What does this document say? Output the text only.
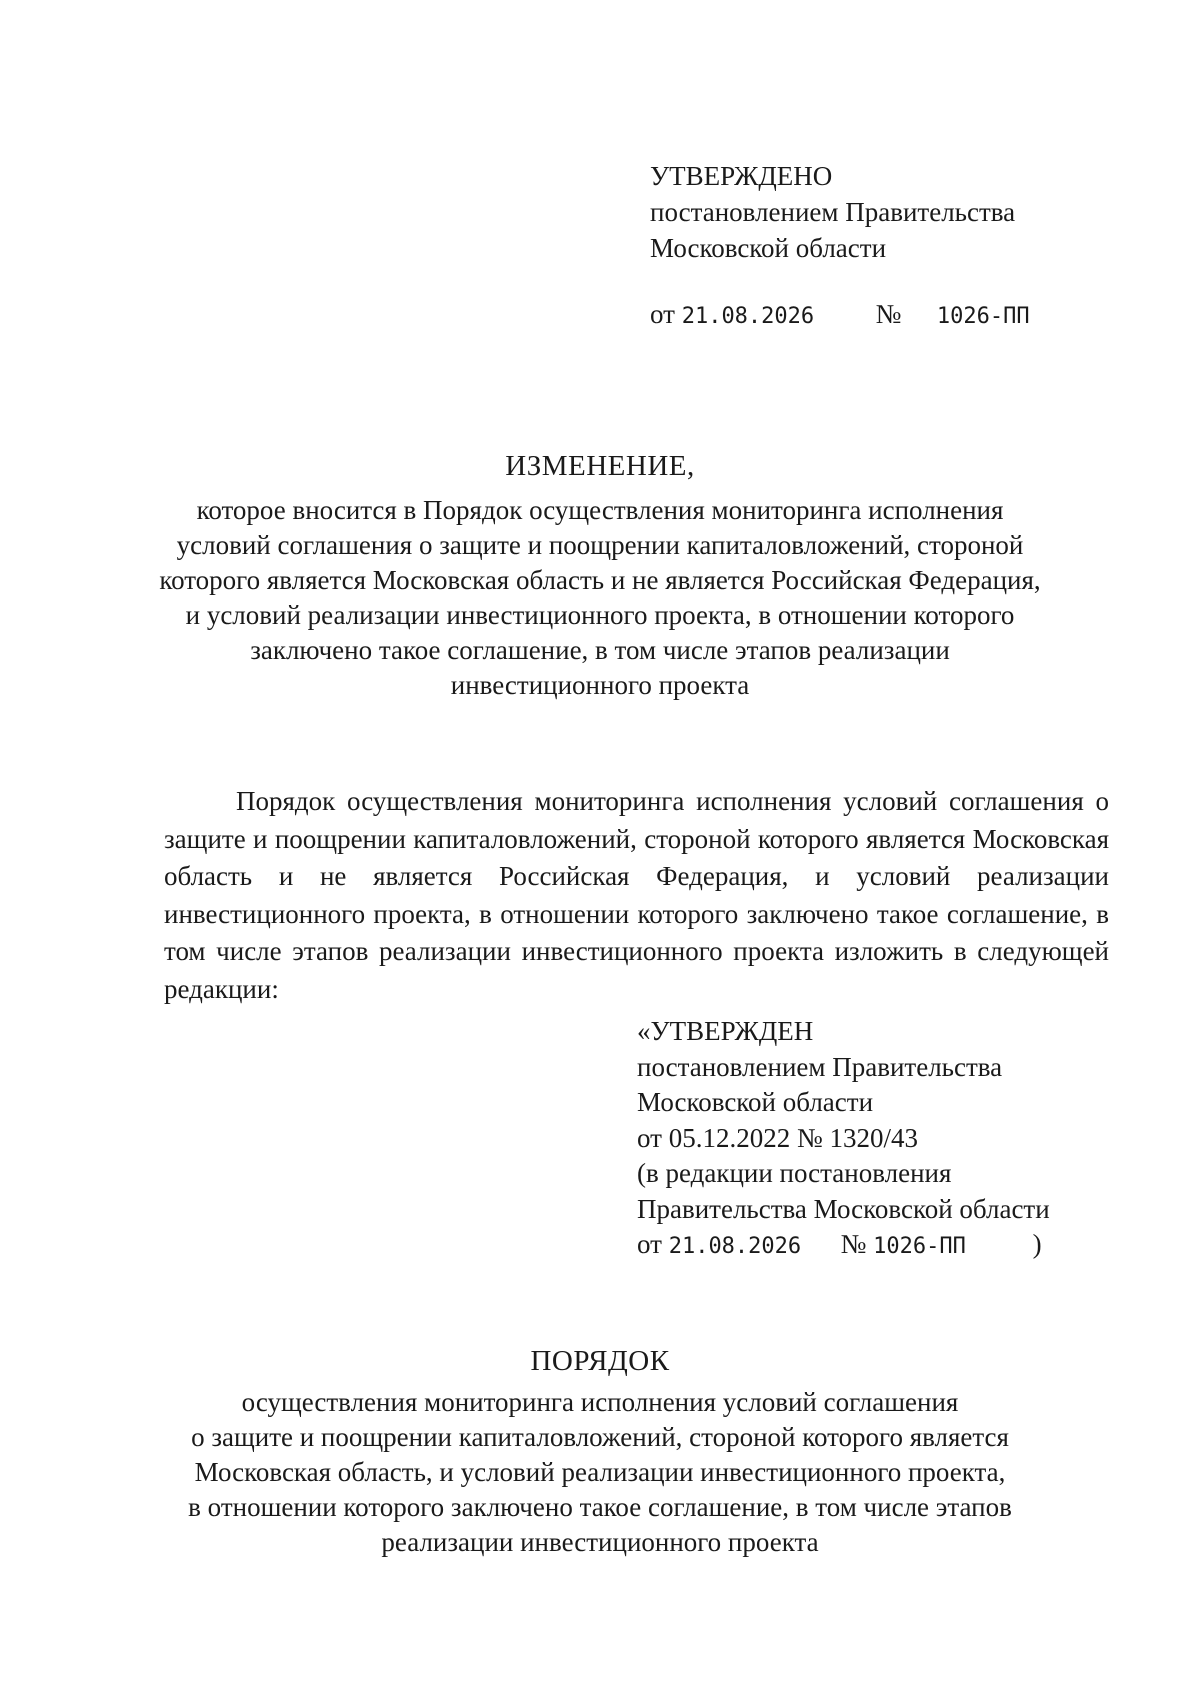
УТВЕРЖДЕНО
постановлением Правительства
Московской области
от 21.08.2026 № 1026-ПП
ИЗМЕНЕНИЕ,
которое вносится в Порядок осуществления мониторинга исполнения
условий соглашения о защите и поощрении капиталовложений, стороной
которого является Московская область и не является Российская Федерация,
и условий реализации инвестиционного проекта, в отношении которого
заключено такое соглашение, в том числе этапов реализации
инвестиционного проекта

Порядок осуществления мониторинга исполнения условий соглашения о защите и поощрении капиталовложений, стороной которого является Московская область и не является Российская Федерация, и условий реализации инвестиционного проекта, в отношении которого заключено такое соглашение, в том числе этапов реализации инвестиционного проекта изложить в следующей редакции:

«УТВЕРЖДЕН
постановлением Правительства
Московской области
от 05.12.2022 № 1320/43
(в редакции постановления
Правительства Московской области
от 21.08.2026 № 1026-ПП )
ПОРЯДОК
осуществления мониторинга исполнения условий соглашения
о защите и поощрении капиталовложений, стороной которого является
Московская область, и условий реализации инвестиционного проекта,
в отношении которого заключено такое соглашение, в том числе этапов
реализации инвестиционного проекта
